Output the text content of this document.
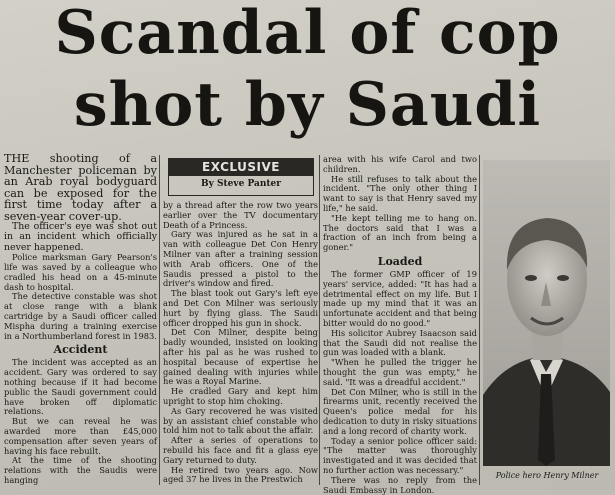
Scandal of cop
shot by Saudi

THE shooting of a Manchester policeman by an Arab royal bodyguard can be exposed for the first time today after a seven-year cover-up.

The officer's eye was shot out in an incident which officially never happened.

Police marksman Gary Pearson's life was saved by a colleague who cradled his head on a 45-minute dash to hospital.

The detective constable was shot at close range with a blank cartridge by a Saudi officer called Mispha during a training exercise in a Northumberland forest in 1983.

Accident

The incident was accepted as an accident. Gary was ordered to say nothing because if it had become public the Saudi government could have broken off diplomatic relations.

But we can reveal he was awarded more than £45,000 compensation after seven years of having his face rebuilt.

At the time of the shooting relations with the Saudis were hanging

EXCLUSIVE
By Steve Panter

by a thread after the row two years earlier over the TV documentary Death of a Princess.

Gary was injured as he sat in a van with colleague Det Con Henry Milner van after a training session with Arab officers. One of the Saudis pressed a pistol to the driver's window and fired.

The blast took out Gary's left eye and Det Con Milner was seriously hurt by flying glass. The Saudi officer dropped his gun in shock.

Det Con Milner, despite being badly wounded, insisted on looking after his pal as he was rushed to hospital because of expertise he gained dealing with injuries while he was a Royal Marine.

He cradled Gary and kept him upright to stop him choking.

As Gary recovered he was visited by an assistant chief constable who told him not to talk about the affair.

After a series of operations to rebuild his face and fit a glass eye Gary returned to duty.

He retired two years ago. Now aged 37 he lives in the Prestwich

area with his wife Carol and two children.

He still refuses to talk about the incident. "The only other thing I want to say is that Henry saved my life," he said.

"He kept telling me to hang on. The doctors said that I was a fraction of an inch from being a goner."

Loaded

The former GMP officer of 19 years' service, added: "It has had a detrimental effect on my life. But I made up my mind that it was an unfortunate accident and that being bitter would do no good."

His solicitor Aubrey Isaacson said that the Saudi did not realise the gun was loaded with a blank.

"When he pulled the trigger he thought the gun was empty," he said. "It was a dreadful accident."

Det Con Milner, who is still in the firearms unit, recently received the Queen's police medal for his dedication to duty in risky situations and a long record of charity work.

Today a senior police officer said: "The matter was thoroughly investigated and it was decided that no further action was necessary."

There was no reply from the Saudi Embassy in London.

Police hero Henry Milner
